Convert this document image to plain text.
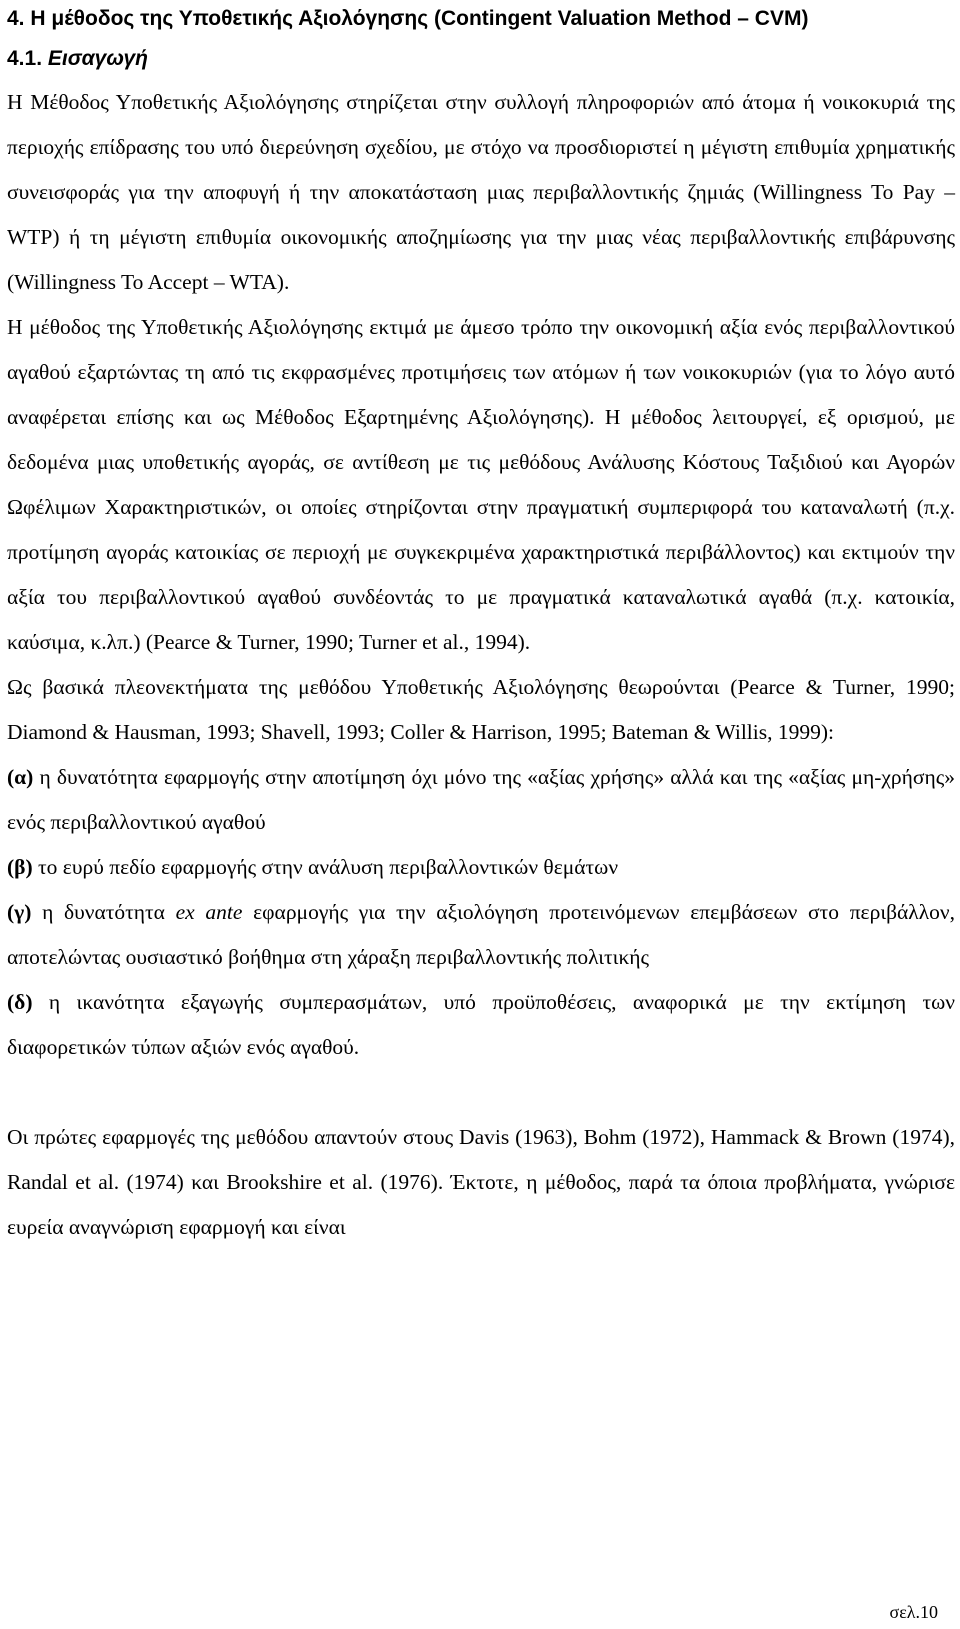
4. Η μέθοδος της Υποθετικής Αξιολόγησης (Contingent Valuation Method – CVM)
4.1. Εισαγωγή

Η Μέθοδος Υποθετικής Αξιολόγησης στηρίζεται στην συλλογή πληροφοριών από άτομα ή νοικοκυριά της περιοχής επίδρασης του υπό διερεύνηση σχεδίου, με στόχο να προσδιοριστεί η μέγιστη επιθυμία χρηματικής συνεισφοράς για την αποφυγή ή την αποκατάσταση μιας περιβαλλοντικής ζημιάς (Willingness To Pay – WTP) ή τη μέγιστη επιθυμία οικονομικής αποζημίωσης για την μιας νέας περιβαλλοντικής επιβάρυνσης (Willingness To Accept – WTA).

Η μέθοδος της Υποθετικής Αξιολόγησης εκτιμά με άμεσο τρόπο την οικονομική αξία ενός περιβαλλοντικού αγαθού εξαρτώντας τη από τις εκφρασμένες προτιμήσεις των ατόμων ή των νοικοκυριών (για το λόγο αυτό αναφέρεται επίσης και ως Μέθοδος Εξαρτημένης Αξιολόγησης). Η μέθοδος λειτουργεί, εξ ορισμού, με δεδομένα μιας υποθετικής αγοράς, σε αντίθεση με τις μεθόδους Ανάλυσης Κόστους Ταξιδιού και Αγορών Ωφέλιμων Χαρακτηριστικών, οι οποίες στηρίζονται στην πραγματική συμπεριφορά του καταναλωτή (π.χ. προτίμηση αγοράς κατοικίας σε περιοχή με συγκεκριμένα χαρακτηριστικά περιβάλλοντος) και εκτιμούν την αξία του περιβαλλοντικού αγαθού συνδέοντάς το με πραγματικά καταναλωτικά αγαθά (π.χ. κατοικία, καύσιμα, κ.λπ.) (Pearce & Turner, 1990; Turner et al., 1994).

Ως βασικά πλεονεκτήματα της μεθόδου Υποθετικής Αξιολόγησης θεωρούνται (Pearce & Turner, 1990; Diamond & Hausman, 1993; Shavell, 1993; Coller & Harrison, 1995; Bateman & Willis, 1999):

(α) η δυνατότητα εφαρμογής στην αποτίμηση όχι μόνο της «αξίας χρήσης» αλλά και της «αξίας μη-χρήσης» ενός περιβαλλοντικού αγαθού

(β) το ευρύ πεδίο εφαρμογής στην ανάλυση περιβαλλοντικών θεμάτων

(γ) η δυνατότητα ex ante εφαρμογής για την αξιολόγηση προτεινόμενων επεμβάσεων στο περιβάλλον, αποτελώντας ουσιαστικό βοήθημα στη χάραξη περιβαλλοντικής πολιτικής

(δ) η ικανότητα εξαγωγής συμπερασμάτων, υπό προϋποθέσεις, αναφορικά με την εκτίμηση των διαφορετικών τύπων αξιών ενός αγαθού.

Οι πρώτες εφαρμογές της μεθόδου απαντούν στους Davis (1963), Bohm (1972), Hammack & Brown (1974), Randal et al. (1974) και Brookshire et al. (1976). Έκτοτε, η μέθοδος, παρά τα όποια προβλήματα, γνώρισε ευρεία αναγνώριση εφαρμογή και είναι

σελ.10
